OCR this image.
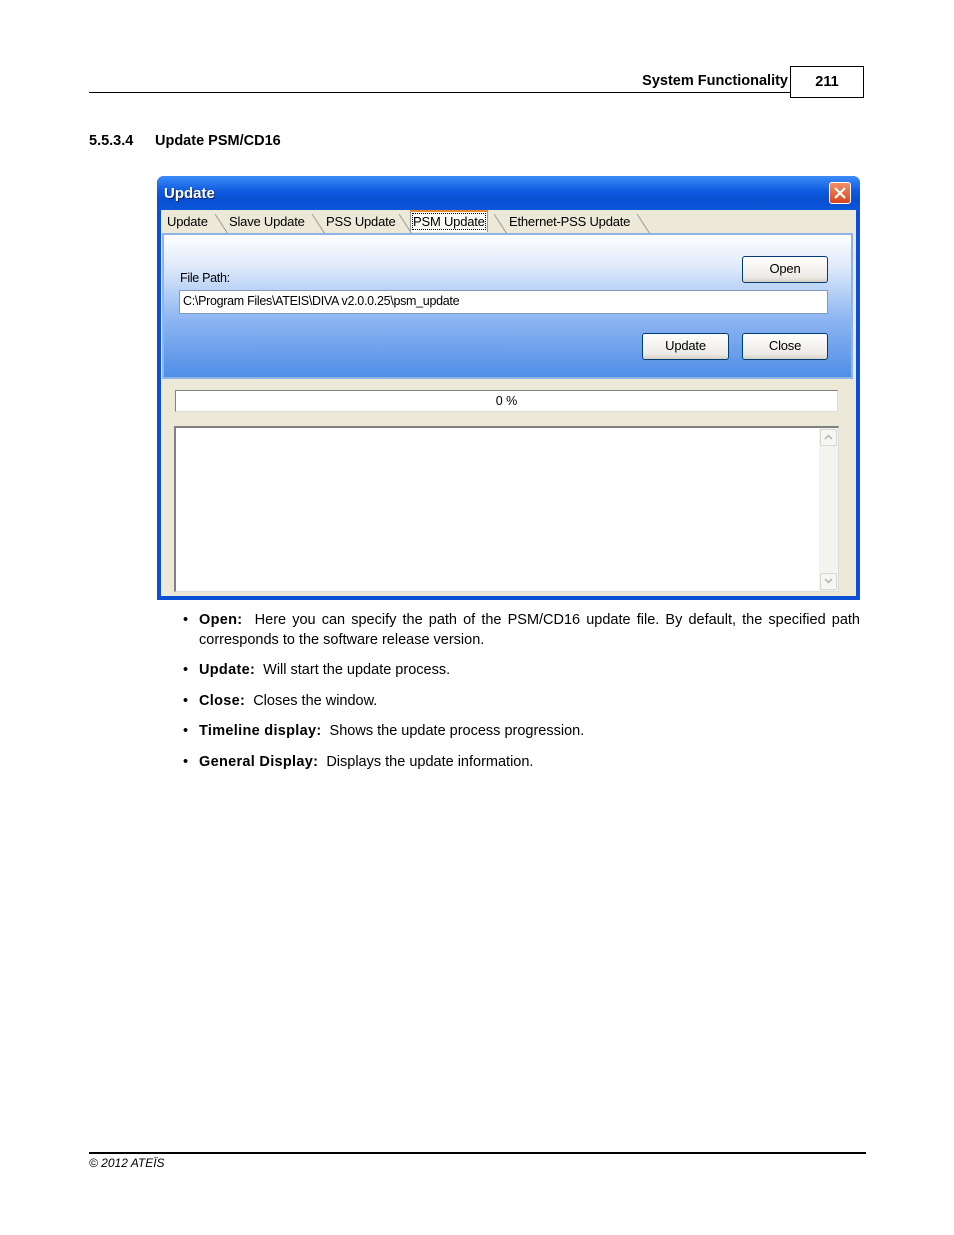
System Functionality	211
5.5.3.4 Update PSM/CD16
Update
Update	Slave Update	PSS Update PSM Update	Ethernet-PSS Update
File Path:
Open
C:\Program Files\ATEIS\DIVA v2.0.0.25\psm_update
Update	Close
0 %
• Open: Here you can specify the path of the PSM/CD16 update file. By default, the specified path corresponds to the software release version.
• Update: Will start the update process.
• Close: Closes the window.
• Timeline display: Shows the update process progression.
• General Display: Displays the update information.
© 2012 ATEÏS
